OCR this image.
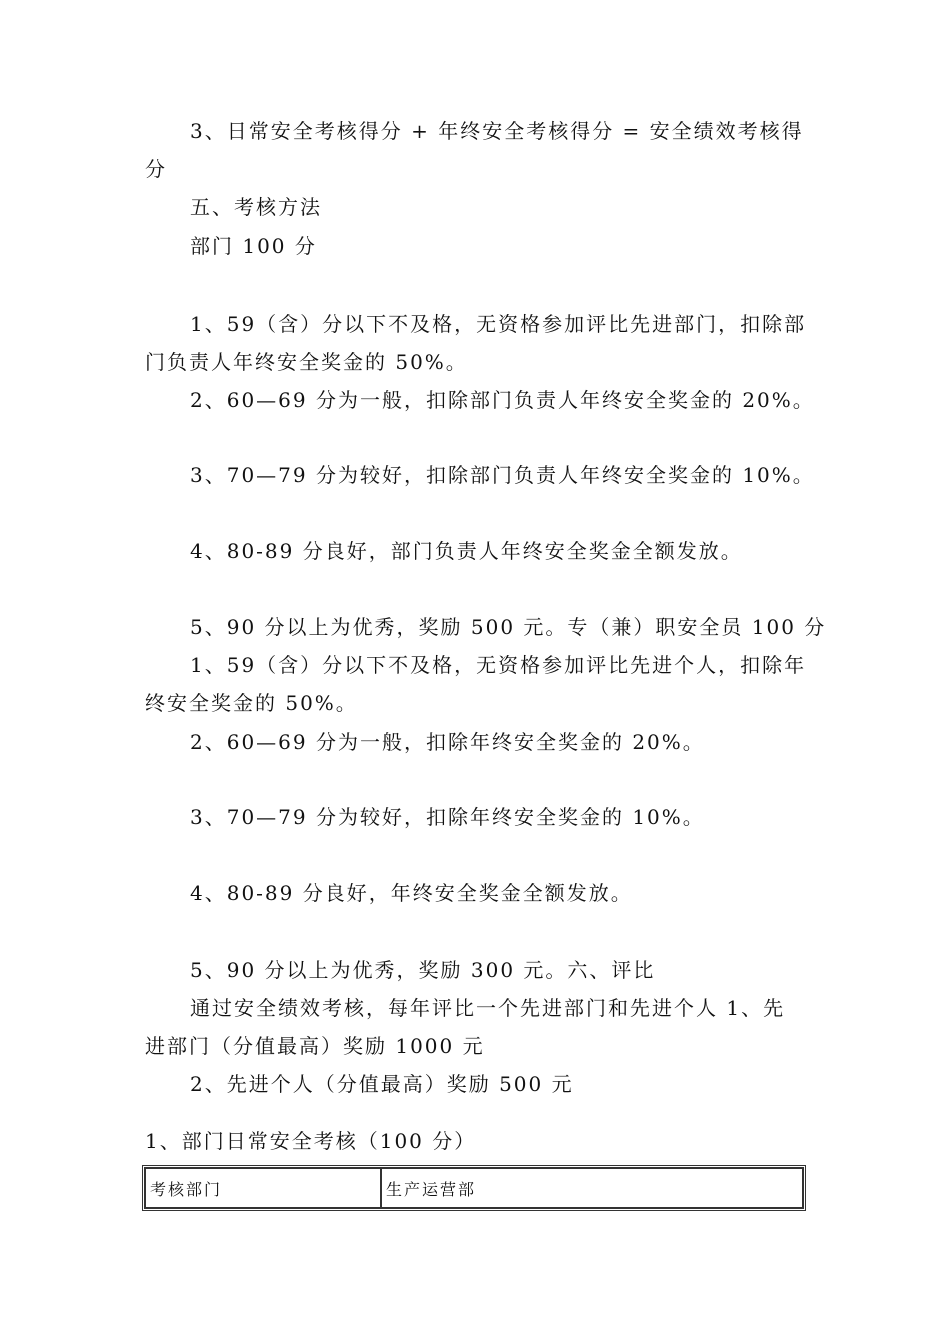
3、日常安全考核得分 + 年终安全考核得分 = 安全绩效考核得
分
五、考核方法
部门 100 分
1、59（含）分以下不及格，无资格参加评比先进部门，扣除部
门负责人年终安全奖金的 50%。
2、60—69 分为一般，扣除部门负责人年终安全奖金的 20%。
3、70—79 分为较好，扣除部门负责人年终安全奖金的 10%。
4、80-89 分良好，部门负责人年终安全奖金全额发放。
5、90 分以上为优秀，奖励 500 元。专（兼）职安全员 100 分
1、59（含）分以下不及格，无资格参加评比先进个人，扣除年
终安全奖金的 50%。
2、60—69 分为一般，扣除年终安全奖金的 20%。
3、70—79 分为较好，扣除年终安全奖金的 10%。
4、80-89 分良好，年终安全奖金全额发放。
5、90 分以上为优秀，奖励 300 元。六、评比
通过安全绩效考核，每年评比一个先进部门和先进个人 1、先
进部门（分值最高）奖励 1000 元
2、先进个人（分值最高）奖励 500 元
1、部门日常安全考核（100 分）
考核部门	生产运营部
